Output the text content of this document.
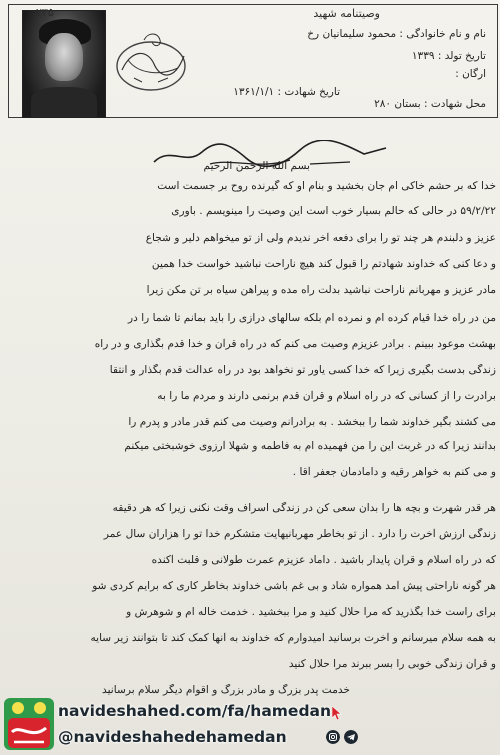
۲۳۵	وصیتنامه شهید
نام و نام خانوادگی : محمود سلیمانیان رخ
تاریخ تولد : ۱۳۳۹
ارگان :
تاریخ شهادت : ۱۳۶۱/۱/۱
محل شهادت : بستان ۲۸۰
بسم الله الرحمن الرحیم
خدا که بر حشم خاکی ام جان بخشید و بنام او که گیرنده روح بر جسمت است
۵۹/۲/۲۲ در حالی که حالم بسیار خوب است این وصیت را مینویسم . باوری
عزیز و دلبندم هر چند تو را برای دفعه آخر ندیدم ولی از تو میخواهم دلیر و شجاع
و دعا کنی که خداوند شهادتم را قبول کند هیچ ناراحت نباشید خواست خدا همین
مادر عزیز و مهربانم ناراحت نباشید بدلت راه مده و پیراهن سیاه بر تن مکن زیرا
من در راه خدا قیام کرده ام و نمرده ام بلکه سالهای درازی را باید بمانم تا شما را در
بهشت موعود ببینم . برادر عزیزم وصیت می کنم که در راه قرآن و خدا قدم بگذاری و در راه
زندگی بدست بگیری زیرا که خدا کسی یاور تو نخواهد بود در راه عدالت قدم بگذار و انتقا
برادرت را از کسانی که در راه اسلام و قرآن قدم برنمی دارند و مردم ما را به
می کشند بگیر خداوند شما را ببخشد . به برادرانم وصیت می کنم قدر مادر و پدرم را
بدانند زیرا که در غربت این را من فهمیده ام به فاطمه و شهلا آرزوی خوشبختی میکنم
و می کنم به خواهر رقیه و دامادمان جعفر آقا .
هر قدر شهرت و بچه ها را بدان سعی کن در زندگی اسراف وقت نکنی زیرا که هر دقیقه
زندگی ارزش آخرت را دارد . از تو بخاطر مهربانیهایت متشکرم خدا تو را هزاران سال عمر
که در راه اسلام و قرآن پایدار باشید . داماد عزیزم عمرت طولانی و قلبت آکنده
هر گونه ناراحتی پیش آمد همواره شاد و بی غم باشی خداوند بخاطر کاری که برایم کردی شو
برای راست خدا بگذرید که مرا حلال کنید و مرا ببخشید . خدمت خاله ام و شوهرش و
به همه سلام میرسانم و آخرت برسانید امیدوارم که خداوند به آنها کمک کند تا بتوانند زیر سایه
و قرآن زندگی خوبی را بسر ببرند مرا حلال کنید
خدمت پدر بزرگ و مادر بزرگ و اقوام دیگر سلام برسانید
navideshahed.com/fa/hamedan
@navideshahedehamedan
